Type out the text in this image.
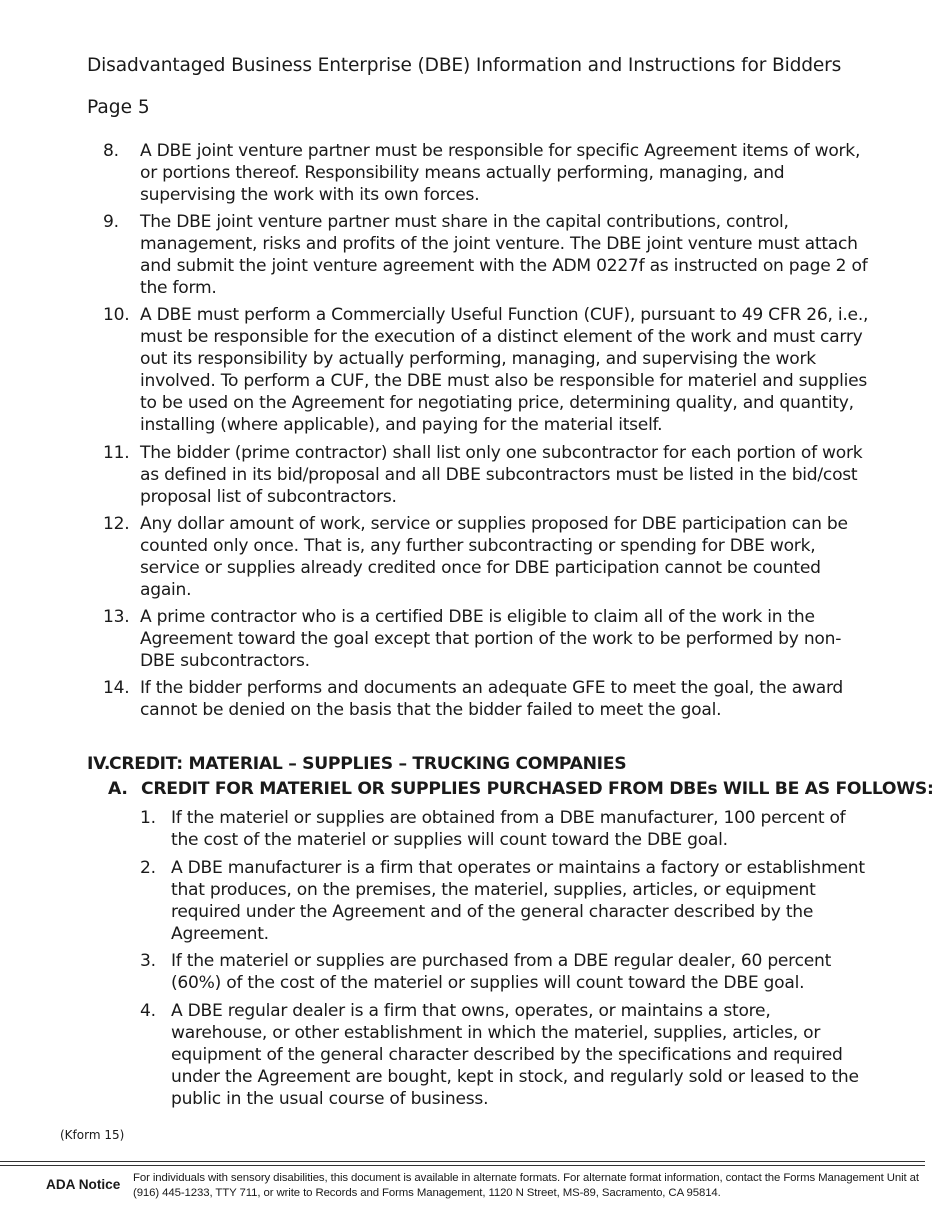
Disadvantaged Business Enterprise (DBE) Information and Instructions for Bidders
Page 5
8. A DBE joint venture partner must be responsible for specific Agreement items of work, or portions thereof. Responsibility means actually performing, managing, and supervising the work with its own forces.
9. The DBE joint venture partner must share in the capital contributions, control, management, risks and profits of the joint venture. The DBE joint venture must attach and submit the joint venture agreement with the ADM 0227f as instructed on page 2 of the form.
10. A DBE must perform a Commercially Useful Function (CUF), pursuant to 49 CFR 26, i.e., must be responsible for the execution of a distinct element of the work and must carry out its responsibility by actually performing, managing, and supervising the work involved. To perform a CUF, the DBE must also be responsible for materiel and supplies to be used on the Agreement for negotiating price, determining quality, and quantity, installing (where applicable), and paying for the material itself.
11. The bidder (prime contractor) shall list only one subcontractor for each portion of work as defined in its bid/proposal and all DBE subcontractors must be listed in the bid/cost proposal list of subcontractors.
12. Any dollar amount of work, service or supplies proposed for DBE participation can be counted only once. That is, any further subcontracting or spending for DBE work, service or supplies already credited once for DBE participation cannot be counted again.
13. A prime contractor who is a certified DBE is eligible to claim all of the work in the Agreement toward the goal except that portion of the work to be performed by non-DBE subcontractors.
14. If the bidder performs and documents an adequate GFE to meet the goal, the award cannot be denied on the basis that the bidder failed to meet the goal.
IV.CREDIT: MATERIAL – SUPPLIES – TRUCKING COMPANIES
A. CREDIT FOR MATERIEL OR SUPPLIES PURCHASED FROM DBEs WILL BE AS FOLLOWS:
1. If the materiel or supplies are obtained from a DBE manufacturer, 100 percent of the cost of the materiel or supplies will count toward the DBE goal.
2. A DBE manufacturer is a firm that operates or maintains a factory or establishment that produces, on the premises, the materiel, supplies, articles, or equipment required under the Agreement and of the general character described by the Agreement.
3. If the materiel or supplies are purchased from a DBE regular dealer, 60 percent (60%) of the cost of the materiel or supplies will count toward the DBE goal.
4. A DBE regular dealer is a firm that owns, operates, or maintains a store, warehouse, or other establishment in which the materiel, supplies, articles, or equipment of the general character described by the specifications and required under the Agreement are bought, kept in stock, and regularly sold or leased to the public in the usual course of business.
(Kform 15)
ADA Notice For individuals with sensory disabilities, this document is available in alternate formats. For alternate format information, contact the Forms Management Unit at (916) 445-1233, TTY 711, or write to Records and Forms Management, 1120 N Street, MS-89, Sacramento, CA 95814.
